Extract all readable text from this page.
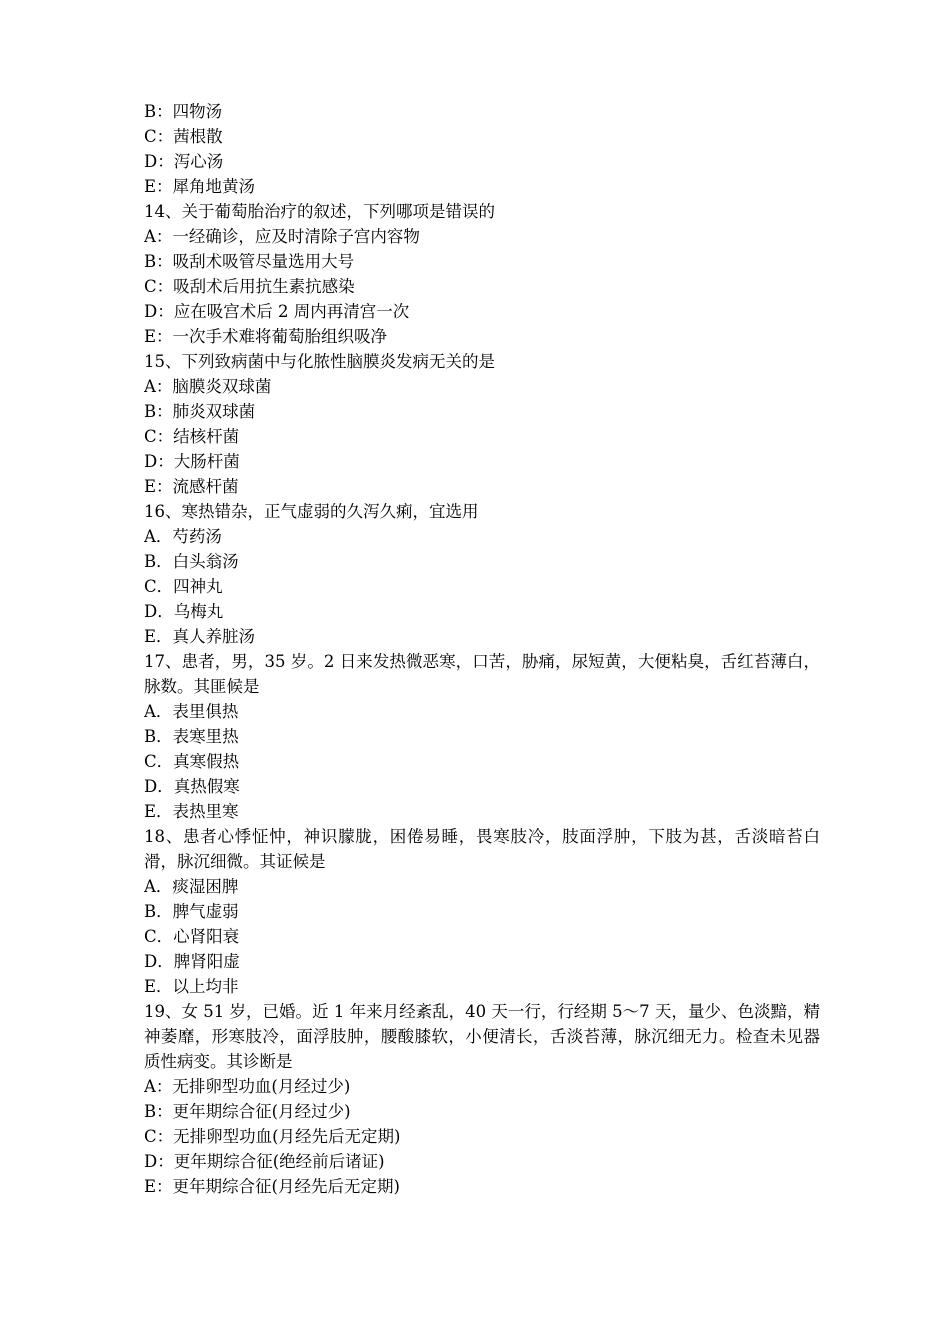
B：四物汤
C：茜根散
D：泻心汤
E：犀角地黄汤
14、关于葡萄胎治疗的叙述，下列哪项是错误的
A：一经确诊，应及时清除子宫内容物
B：吸刮术吸管尽量选用大号
C：吸刮术后用抗生素抗感染
D：应在吸宫术后 2 周内再清宫一次
E：一次手术难将葡萄胎组织吸净
15、下列致病菌中与化脓性脑膜炎发病无关的是
A：脑膜炎双球菌
B：肺炎双球菌
C：结核杆菌
D：大肠杆菌
E：流感杆菌
16、寒热错杂，正气虚弱的久泻久痢，宜选用
A．芍药汤
B．白头翁汤
C．四神丸
D．乌梅丸
E．真人养脏汤
17、患者，男，35 岁。2 日来发热微恶寒，口苦，胁痛，尿短黄，大便粘臭，舌红苔薄白，脉数。其匪候是
A．表里俱热
B．表寒里热
C．真寒假热
D．真热假寒
E．表热里寒
18、患者心悸怔忡，神识朦胧，困倦易睡，畏寒肢冷，肢面浮肿，下肢为甚，舌淡暗苔白滑，脉沉细微。其证候是
A．痰湿困脾
B．脾气虚弱
C．心肾阳衰
D．脾肾阳虚
E．以上均非
19、女 51 岁，已婚。近 1 年来月经紊乱，40 天一行，行经期 5～7 天，量少、色淡黯，精神萎靡，形寒肢冷，面浮肢肿，腰酸膝软，小便清长，舌淡苔薄，脉沉细无力。检查未见器质性病变。其诊断是
A：无排卵型功血(月经过少)
B：更年期综合征(月经过少)
C：无排卵型功血(月经先后无定期)
D：更年期综合征(绝经前后诸证)
E：更年期综合征(月经先后无定期)
